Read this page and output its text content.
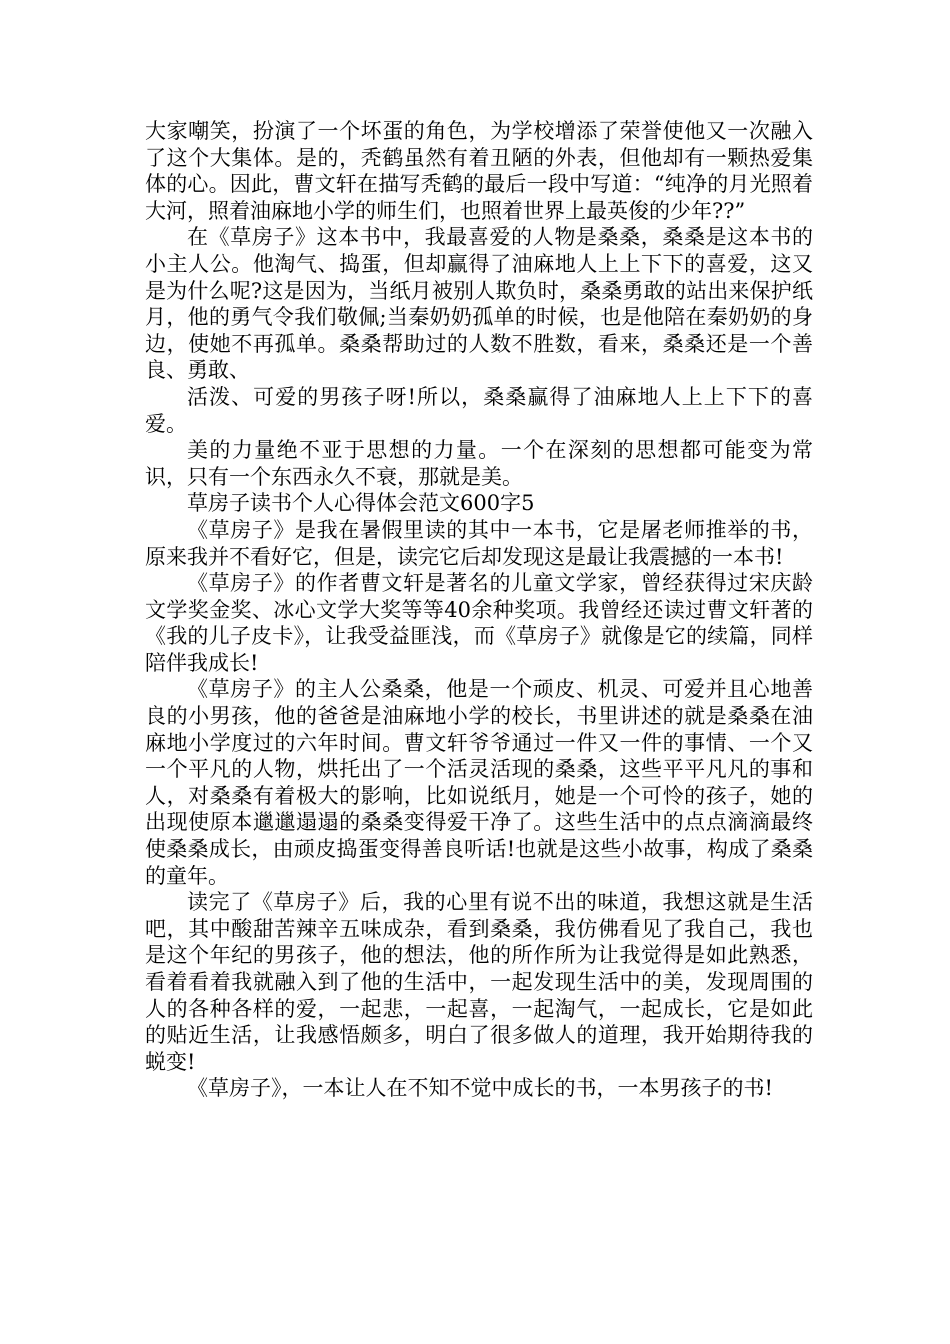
大家嘲笑，扮演了一个坏蛋的角色，为学校增添了荣誉使他又一次融入了这个大集体。是的，秃鹤虽然有着丑陋的外表，但他却有一颗热爱集体的心。因此，曹文轩在描写秃鹤的最后一段中写道：“纯净的月光照着大河，照着油麻地小学的师生们，也照着世界上最英俊的少年??”

在《草房子》这本书中，我最喜爱的人物是桑桑，桑桑是这本书的小主人公。他淘气、捣蛋，但却赢得了油麻地人上上下下的喜爱，这又是为什么呢?这是因为，当纸月被别人欺负时，桑桑勇敢的站出来保护纸月，他的勇气令我们敬佩;当秦奶奶孤单的时候，也是他陪在秦奶奶的身边，使她不再孤单。桑桑帮助过的人数不胜数，看来，桑桑还是一个善良、勇敢、

活泼、可爱的男孩子呀!所以，桑桑赢得了油麻地人上上下下的喜爱。

美的力量绝不亚于思想的力量。一个在深刻的思想都可能变为常识，只有一个东西永久不衰，那就是美。

草房子读书个人心得体会范文600字5

《草房子》是我在暑假里读的其中一本书，它是屠老师推举的书，原来我并不看好它，但是，读完它后却发现这是最让我震撼的一本书!

《草房子》的作者曹文轩是著名的儿童文学家，曾经获得过宋庆龄文学奖金奖、冰心文学大奖等等40余种奖项。我曾经还读过曹文轩著的《我的儿子皮卡》，让我受益匪浅，而《草房子》就像是它的续篇，同样陪伴我成长!

《草房子》的主人公桑桑，他是一个顽皮、机灵、可爱并且心地善良的小男孩，他的爸爸是油麻地小学的校长，书里讲述的就是桑桑在油麻地小学度过的六年时间。曹文轩爷爷通过一件又一件的事情、一个又一个平凡的人物，烘托出了一个活灵活现的桑桑，这些平平凡凡的事和人，对桑桑有着极大的影响，比如说纸月，她是一个可怜的孩子，她的出现使原本邋邋遢遢的桑桑变得爱干净了。这些生活中的点点滴滴最终使桑桑成长，由顽皮捣蛋变得善良听话!也就是这些小故事，构成了桑桑的童年。

读完了《草房子》后，我的心里有说不出的味道，我想这就是生活吧，其中酸甜苦辣辛五味成杂，看到桑桑，我仿佛看见了我自己，我也是这个年纪的男孩子，他的想法，他的所作所为让我觉得是如此熟悉，看着看着我就融入到了他的生活中，一起发现生活中的美，发现周围的人的各种各样的爱，一起悲，一起喜，一起淘气，一起成长，它是如此的贴近生活，让我感悟颇多，明白了很多做人的道理，我开始期待我的蜕变!

《草房子》，一本让人在不知不觉中成长的书，一本男孩子的书!
